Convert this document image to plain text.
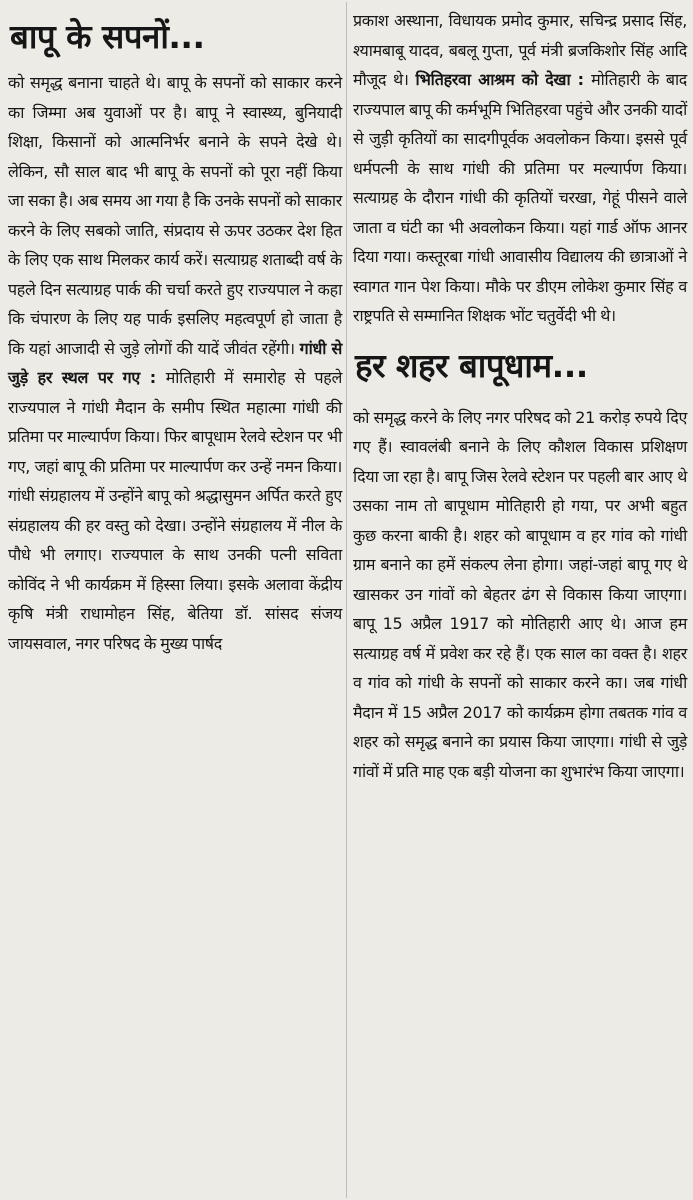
बापू के सपनों...

को समृद्ध बनाना चाहते थे। बापू के सपनों को साकार करने का जिम्मा अब युवाओं पर है। बापू ने स्वास्थ्य, बुनियादी शिक्षा, किसानों को आत्मनिर्भर बनाने के सपने देखे थे। लेकिन, सौ साल बाद भी बापू के सपनों को पूरा नहीं किया जा सका है। अब समय आ गया है कि उनके सपनों को साकार करने के लिए सबको जाति, संप्रदाय से ऊपर उठकर देश हित के लिए एक साथ मिलकर कार्य करें। सत्याग्रह शताब्दी वर्ष के पहले दिन सत्याग्रह पार्क की चर्चा करते हुए राज्यपाल ने कहा कि चंपारण के लिए यह पार्क इसलिए महत्वपूर्ण हो जाता है कि यहां आजादी से जुड़े लोगों की यादें जीवंत रहेंगी। गांधी से जुड़े हर स्थल पर गए : मोतिहारी में समारोह से पहले राज्यपाल ने गांधी मैदान के समीप स्थित महात्मा गांधी की प्रतिमा पर माल्यार्पण किया। फिर बापूधाम रेलवे स्टेशन पर भी गए, जहां बापू की प्रतिमा पर माल्यार्पण कर उन्हें नमन किया। गांधी संग्रहालय में उन्होंने बापू को श्रद्धासुमन अर्पित करते हुए संग्रहालय की हर वस्तु को देखा। उन्होंने संग्रहालय में नील के पौधे भी लगाए। राज्यपाल के साथ उनकी पत्नी सविता कोविंद ने भी कार्यक्रम में हिस्सा लिया। इसके अलावा केंद्रीय कृषि मंत्री राधामोहन सिंह, बेतिया डॉ. सांसद संजय जायसवाल, नगर परिषद के मुख्य पार्षद

प्रकाश अस्थाना, विधायक प्रमोद कुमार, सचिन्द्र प्रसाद सिंह, श्यामबाबू यादव, बबलू गुप्ता, पूर्व मंत्री ब्रजकिशोर सिंह आदि मौजूद थे। भितिहरवा आश्रम को देखा : मोतिहारी के बाद राज्यपाल बापू की कर्मभूमि भितिहरवा पहुंचे और उनकी यादों से जुड़ी कृतियों का सादगीपूर्वक अवलोकन किया। इससे पूर्व धर्मपत्नी के साथ गांधी की प्रतिमा पर मल्यार्पण किया। सत्याग्रह के दौरान गांधी की कृतियों चरखा, गेहूं पीसने वाले जाता व घंटी का भी अवलोकन किया। यहां गार्ड ऑफ आनर दिया गया। कस्तूरबा गांधी आवासीय विद्यालय की छात्राओं ने स्वागत गान पेश किया। मौके पर डीएम लोकेश कुमार सिंह व राष्ट्रपति से सम्मानित शिक्षक भोंट चतुर्वेदी भी थे।

हर शहर बापूधाम...

को समृद्ध करने के लिए नगर परिषद को 21 करोड़ रुपये दिए गए हैं। स्वावलंबी बनाने के लिए कौशल विकास प्रशिक्षण दिया जा रहा है। बापू जिस रेलवे स्टेशन पर पहली बार आए थे उसका नाम तो बापूधाम मोतिहारी हो गया, पर अभी बहुत कुछ करना बाकी है। शहर को बापूधाम व हर गांव को गांधी ग्राम बनाने का हमें संकल्प लेना होगा। जहां-जहां बापू गए थे खासकर उन गांवों को बेहतर ढंग से विकास किया जाएगा। बापू 15 अप्रैल 1917 को मोतिहारी आए थे। आज हम सत्याग्रह वर्ष में प्रवेश कर रहे हैं। एक साल का वक्त है। शहर व गांव को गांधी के सपनों को साकार करने का। जब गांधी मैदान में 15 अप्रैल 2017 को कार्यक्रम होगा तबतक गांव व शहर को समृद्ध बनाने का प्रयास किया जाएगा। गांधी से जुड़े गांवों में प्रति माह एक बड़ी योजना का शुभारंभ किया जाएगा।
